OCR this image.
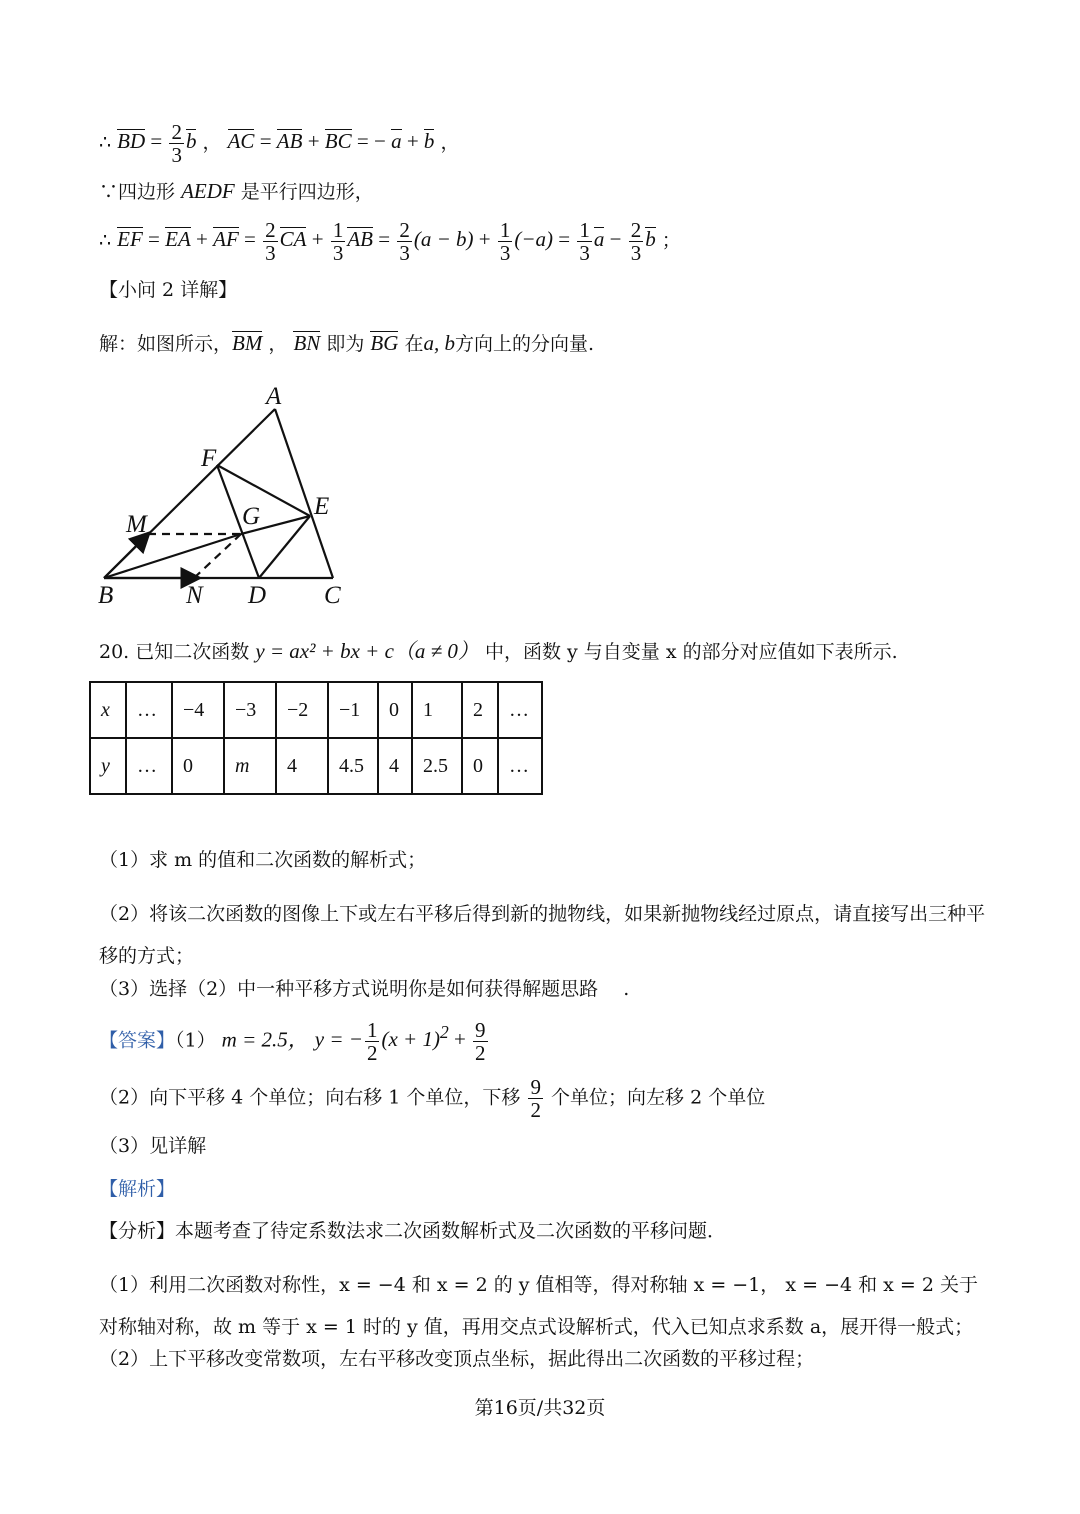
∴ BD = $\frac{2}{3}$ b ， AC = AB + BC = − a + b ，
∵四边形 AEDF 是平行四边形，
∴ EF = EA + AF = $\frac{2}{3}$ CA + $\frac{1}{3}$ AB = $\frac{2}{3} (a - b) + \frac{1}{3} (-a) = \frac{1}{3}$ $a - \frac{2}{3}$ b ；
【小问 2 详解】
解：如图所示，BM ， BN 即为 BG 在a, b方向上的分向量.
A
F
M	G E
B	N D C
20. 已知二次函数 y = ax² + bx + c（a ≠ 0） 中，函数 y 与自变量 x 的部分对应值如下表所示.
x	…	−4	−3	−2	−1	0	1	2	…
y	…	0	m	4	4.5	4	2.5	0	…
（1）求 m 的值和二次函数的解析式；
（2）将该二次函数的图像上下或左右平移后得到新的抛物线，如果新抛物线经过原点，请直接写出三种平移的方式；
（3）选择（2）中一种平移方式说明你是如何获得解题思路　 .
【答案】（1） m = 2.5， y = − $\frac{1}{2} (x + 1)^2 + \frac{9}{2}$
（2）向下平移 4 个单位；向右移 1 个单位，下移 $\frac{9}{2}$ 个单位；向左移 2 个单位
（3）见详解
【解析】
【分析】本题考查了待定系数法求二次函数解析式及二次函数的平移问题．
（1）利用二次函数对称性，x = −4 和 x = 2 的 y 值相等，得对称轴 x = −1， x = −4 和 x = 2 关于对称轴对称，故 m 等于 x = 1 时的 y 值，再用交点式设解析式，代入已知点求系数 a，展开得一般式；
（2）上下平移改变常数项，左右平移改变顶点坐标，据此得出二次函数的平移过程；
第16页/共32页
